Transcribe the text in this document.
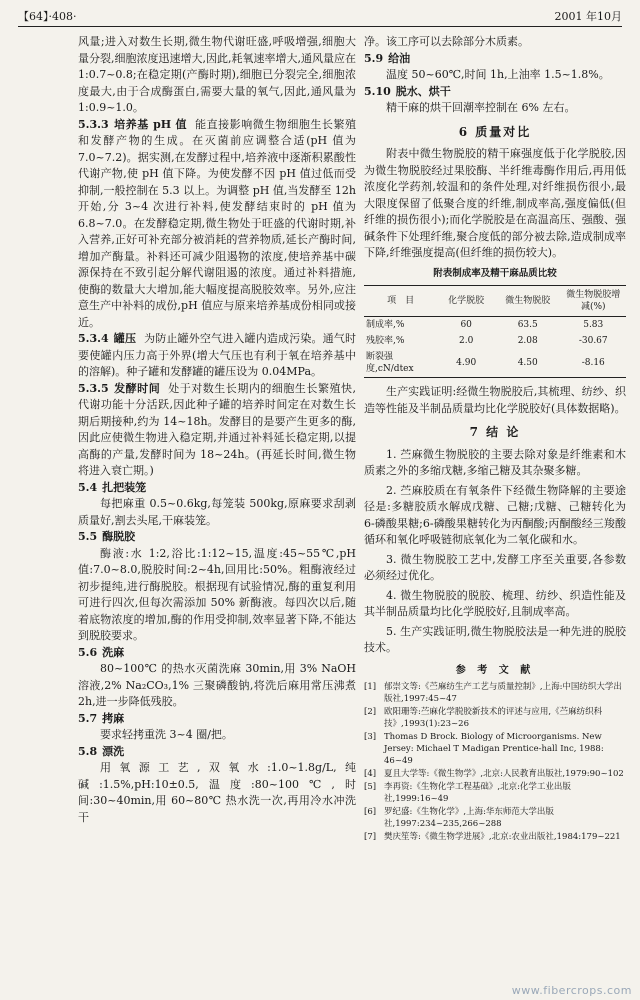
【64】·408·	2001 年10月

风量;进入对数生长期,微生物代谢旺盛,呼吸增强,细胞大量分裂,细胞浓度迅速增大,因此,耗氧速率增大,通风量应在1:0.7~0.8;在稳定期(产酶时期),细胞已分裂完全,细胞浓度最大,由于合成酶蛋白,需要大量的氧气,因此,通风量为1:0.9~1.0。

5.3.3 培养基 pH 值 能直接影响微生物细胞生长繁殖和发酵产物的生成。在灭菌前应调整合适(pH 值为 7.0~7.2)。据实测,在发酵过程中,培养液中逐渐积累酸性代谢产物,使 pH 值下降。为使发酵不因 pH 值过低而受抑制,一般控制在 5.3 以上。为调整 pH 值,当发酵至 12h 开始,分 3~4 次进行补料,使发酵结束时的 pH 值为 6.8~7.0。在发酵稳定期,微生物处于旺盛的代谢时期,补入营养,正好可补充部分被消耗的营养物质,延长产酶时间,增加产酶量。补料还可减少阻遏物的浓度,使培养基中碳源保持在不致引起分解代谢阻遏的浓度。通过补料措施,使酶的数量大大增加,能大幅度提高脱胶效率。另外,应注意生产中补料的成份,pH 值应与原来培养基成份相同或接近。

5.3.4 罐压 为防止罐外空气进入罐内造成污染。通气时要使罐内压力高于外界(增大气压也有利于氧在培养基中的溶解)。种子罐和发酵罐的罐压设为 0.04MPa。

5.3.5 发酵时间 处于对数生长期内的细胞生长繁殖快,代谢功能十分活跃,因此种子罐的培养时间定在对数生长期后期接种,约为 14~18h。发酵目的是要产生更多的酶,因此应使微生物进入稳定期,并通过补料延长稳定期,以提高酶的产量,发酵时间为 18~24h。(再延长时间,微生物将进入衰亡期。)

5.4 扎把装笼

每把麻重 0.5~0.6kg,每笼装 500kg,原麻要求刮剥质量好,割去头尾,干麻装笼。

5.5 酶脱胶

酶液:水 1:2,浴比:1:12~15,温度:45~55℃,pH 值:7.0~8.0,脱胶时间:2~4h,回用比:50%。粗酶液经过初步提纯,进行酶脱胶。根据现有试验情况,酶的重复利用可进行四次,但每次需添加 50% 新酶液。每四次以后,随着底物浓度的增加,酶的作用受抑制,效率显著下降,不能达到脱胶要求。

5.6 洗麻

80~100℃ 的热水灭菌洗麻 30min,用 3% NaOH 溶液,2% Na₂CO₃,1% 三聚磷酸钠,将洗后麻用常压沸煮 2h,进一步降低残胶。

5.7 拷麻

要求轻拷重洗 3~4 圈/把。

5.8 漂洗

用氧源工艺,双氧水:1.0~1.8g/L,纯碱:1.5%,pH:10±0.5,温度:80~100℃,时间:30~40min,用 60~80℃ 热水洗一次,再用冷水冲洗干

净。该工序可以去除部分木质素。

5.9 给油

温度 50~60℃,时间 1h,上油率 1.5~1.8%。

5.10 脱水、烘干

精干麻的烘干回潮率控制在 6% 左右。

6 质量对比

附表中微生物脱胶的精干麻强度低于化学脱胶,因为微生物脱胶经过果胶酶、半纤维毒酶作用后,再用低浓度化学药剂,较温和的条件处理,对纤维损伤很小,最大限度保留了低聚合度的纤维,制成率高,强度偏低(但纤维的损伤很小);而化学脱胶是在高温高压、强酸、强碱条件下处理纤维,聚合度低的部分被去除,造成制成率下降,纤维强度提高(但纤维的损伤较大)。

附表制成率及精干麻品质比较
项　目	化学脱胶	微生物脱胶	微生物脱胶增减(%)
制成率,%	60	63.5	5.83
残胶率,%	2.0	2.08	-30.67
断裂强度,cN/dtex	4.90	4.50	-8.16

生产实践证明:经微生物脱胶后,其梳理、纺纱、织造等性能及半制品质量均比化学脱胶好(具体数据略)。

7 结 论

1. 苎麻微生物脱胶的主要去除对象是纤维素和木质素之外的多缩戊糖,多缩己糖及其杂聚多糖。

2. 苎麻胶质在有氧条件下经微生物降解的主要途径是:多糖胶质水解成戊糖、己糖;戊糖、己糖转化为 6-磷酸果糖;6-磷酸果糖转化为丙酮酸;丙酮酸经三羧酸循环和氧化呼吸链彻底氧化为二氧化碳和水。

3. 微生物脱胶工艺中,发酵工序至关重要,各参数必须经过优化。

4. 微生物脱胶的脱胶、梳理、纺纱、织造性能及其半制品质量均比化学脱胶好,且制成率高。

5. 生产实践证明,微生物脱胶法是一种先进的脱胶技术。

参 考 文 献
[1] 郁崇文等:《苎麻纺生产工艺与质量控制》,上海:中国纺织大学出版社,1997:45~47
[2] 欧阳珊等:苎麻化学脱胶新技术的评述与应用,《苎麻纺织科技》,1993(1):23~26
[3] Thomas D Brock. Biology of Microorganisms. New Jersey: Michael T Madigan Prentice-hall Inc, 1988: 46~49
[4] 夏且大学等:《微生物学》,北京:人民教育出版社,1979:90~102
[5] 李再资:《生物化学工程基础》,北京:化学工业出版社,1999:16~49
[6] 罗纪盛:《生物化学》,上海:华东师范大学出版社,1997:234~235,266~288
[7] 樊庆笙等:《微生物学进展》,北京:农业出版社,1984:179~221
www.fibercrops.com
